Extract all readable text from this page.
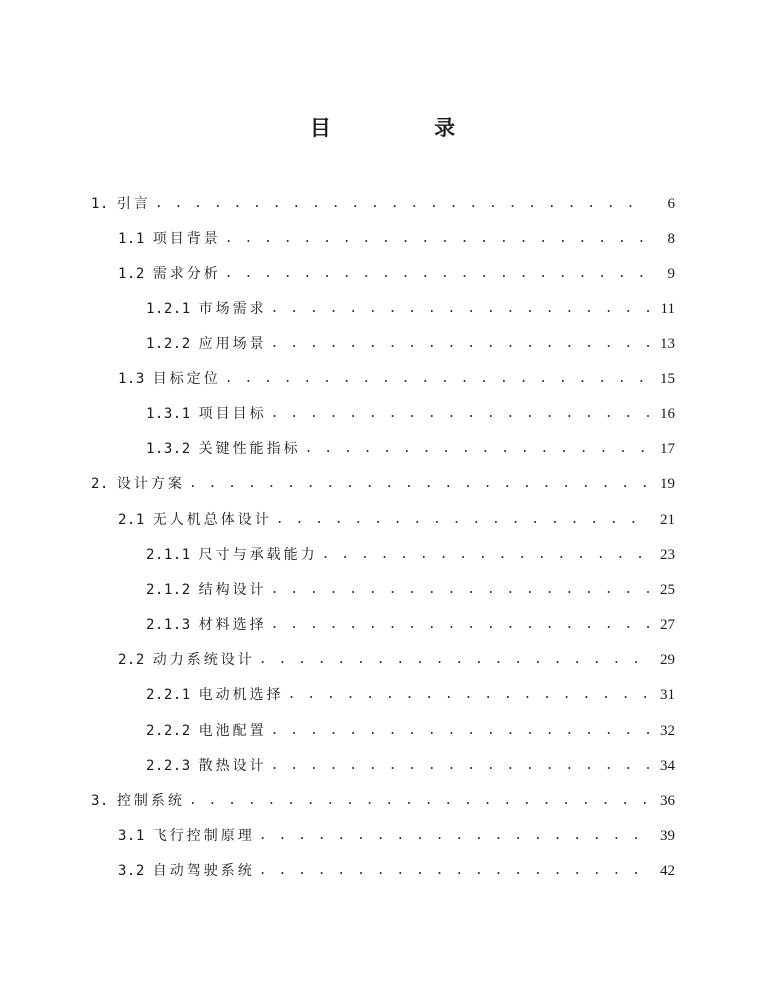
目 录
1. 引言 . . .	6
1.1 项目背景 . . .	8
1.2 需求分析 . . .	9
1.2.1 市场需求 . . .	11
1.2.2 应用场景 . . .	13
1.3 目标定位 . . .	15
1.3.1 项目目标 . . .	16
1.3.2 关键性能指标 . . .	17
2. 设计方案 . . .	19
2.1 无人机总体设计 . . .	21
2.1.1 尺寸与承载能力 . . .	23
2.1.2 结构设计 . . .	25
2.1.3 材料选择 . . .	27
2.2 动力系统设计 . . .	29
2.2.1 电动机选择 . . .	31
2.2.2 电池配置 . . .	32
2.2.3 散热设计 . . .	34
3. 控制系统 . . .	36
3.1 飞行控制原理 . . .	39
3.2 自动驾驶系统 . . .	42
